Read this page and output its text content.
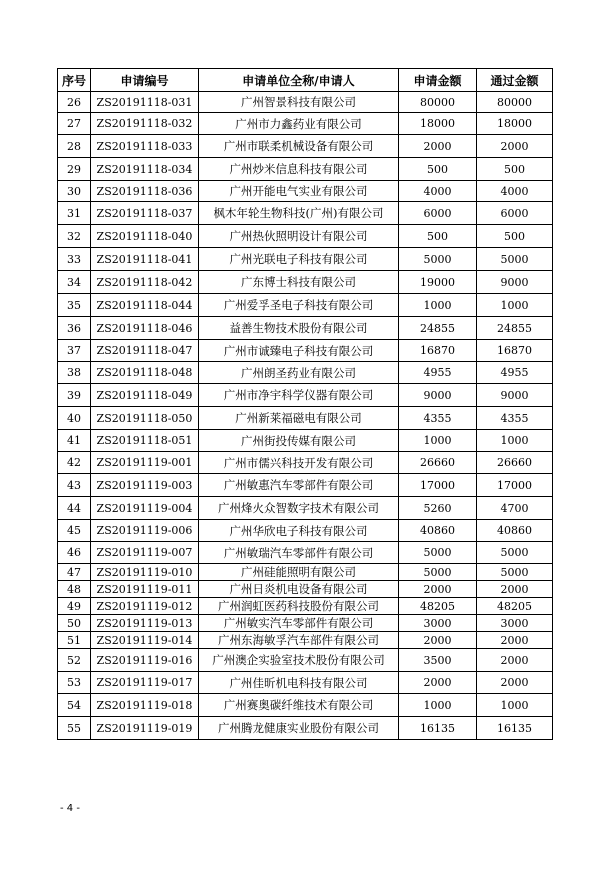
序号	申请编号	申请单位全称/申请人	申请金额	通过金额
26	ZS20191118-031	广州智景科技有限公司	80000	80000
27	ZS20191118-032	广州市力鑫药业有限公司	18000	18000
28	ZS20191118-033	广州市联柔机械设备有限公司	2000	2000
29	ZS20191118-034	广州炒米信息科技有限公司	500	500
30	ZS20191118-036	广州开能电气实业有限公司	4000	4000
31	ZS20191118-037	枫木年轮生物科技(广州)有限公司	6000	6000
32	ZS20191118-040	广州热伙照明设计有限公司	500	500
33	ZS20191118-041	广州光联电子科技有限公司	5000	5000
34	ZS20191118-042	广东博士科技有限公司	19000	9000
35	ZS20191118-044	广州爱孚圣电子科技有限公司	1000	1000
36	ZS20191118-046	益善生物技术股份有限公司	24855	24855
37	ZS20191118-047	广州市诚臻电子科技有限公司	16870	16870
38	ZS20191118-048	广州朗圣药业有限公司	4955	4955
39	ZS20191118-049	广州市净宇科学仪器有限公司	9000	9000
40	ZS20191118-050	广州新莱福磁电有限公司	4355	4355
41	ZS20191118-051	广州街投传媒有限公司	1000	1000
42	ZS20191119-001	广州市儒兴科技开发有限公司	26660	26660
43	ZS20191119-003	广州敏惠汽车零部件有限公司	17000	17000
44	ZS20191119-004	广州烽火众智数字技术有限公司	5260	4700
45	ZS20191119-006	广州华欣电子科技有限公司	40860	40860
46	ZS20191119-007	广州敏瑞汽车零部件有限公司	5000	5000
47	ZS20191119-010	广州硅能照明有限公司	5000	5000
48	ZS20191119-011	广州日炎机电设备有限公司	2000	2000
49	ZS20191119-012	广州润虹医药科技股份有限公司	48205	48205
50	ZS20191119-013	广州敏实汽车零部件有限公司	3000	3000
51	ZS20191119-014	广州东海敏孚汽车部件有限公司	2000	2000
52	ZS20191119-016	广州澳企实验室技术股份有限公司	3500	2000
53	ZS20191119-017	广州佳昕机电科技有限公司	2000	2000
54	ZS20191119-018	广州赛奥碳纤维技术有限公司	1000	1000
55	ZS20191119-019	广州腾龙健康实业股份有限公司	16135	16135
- 4 -
